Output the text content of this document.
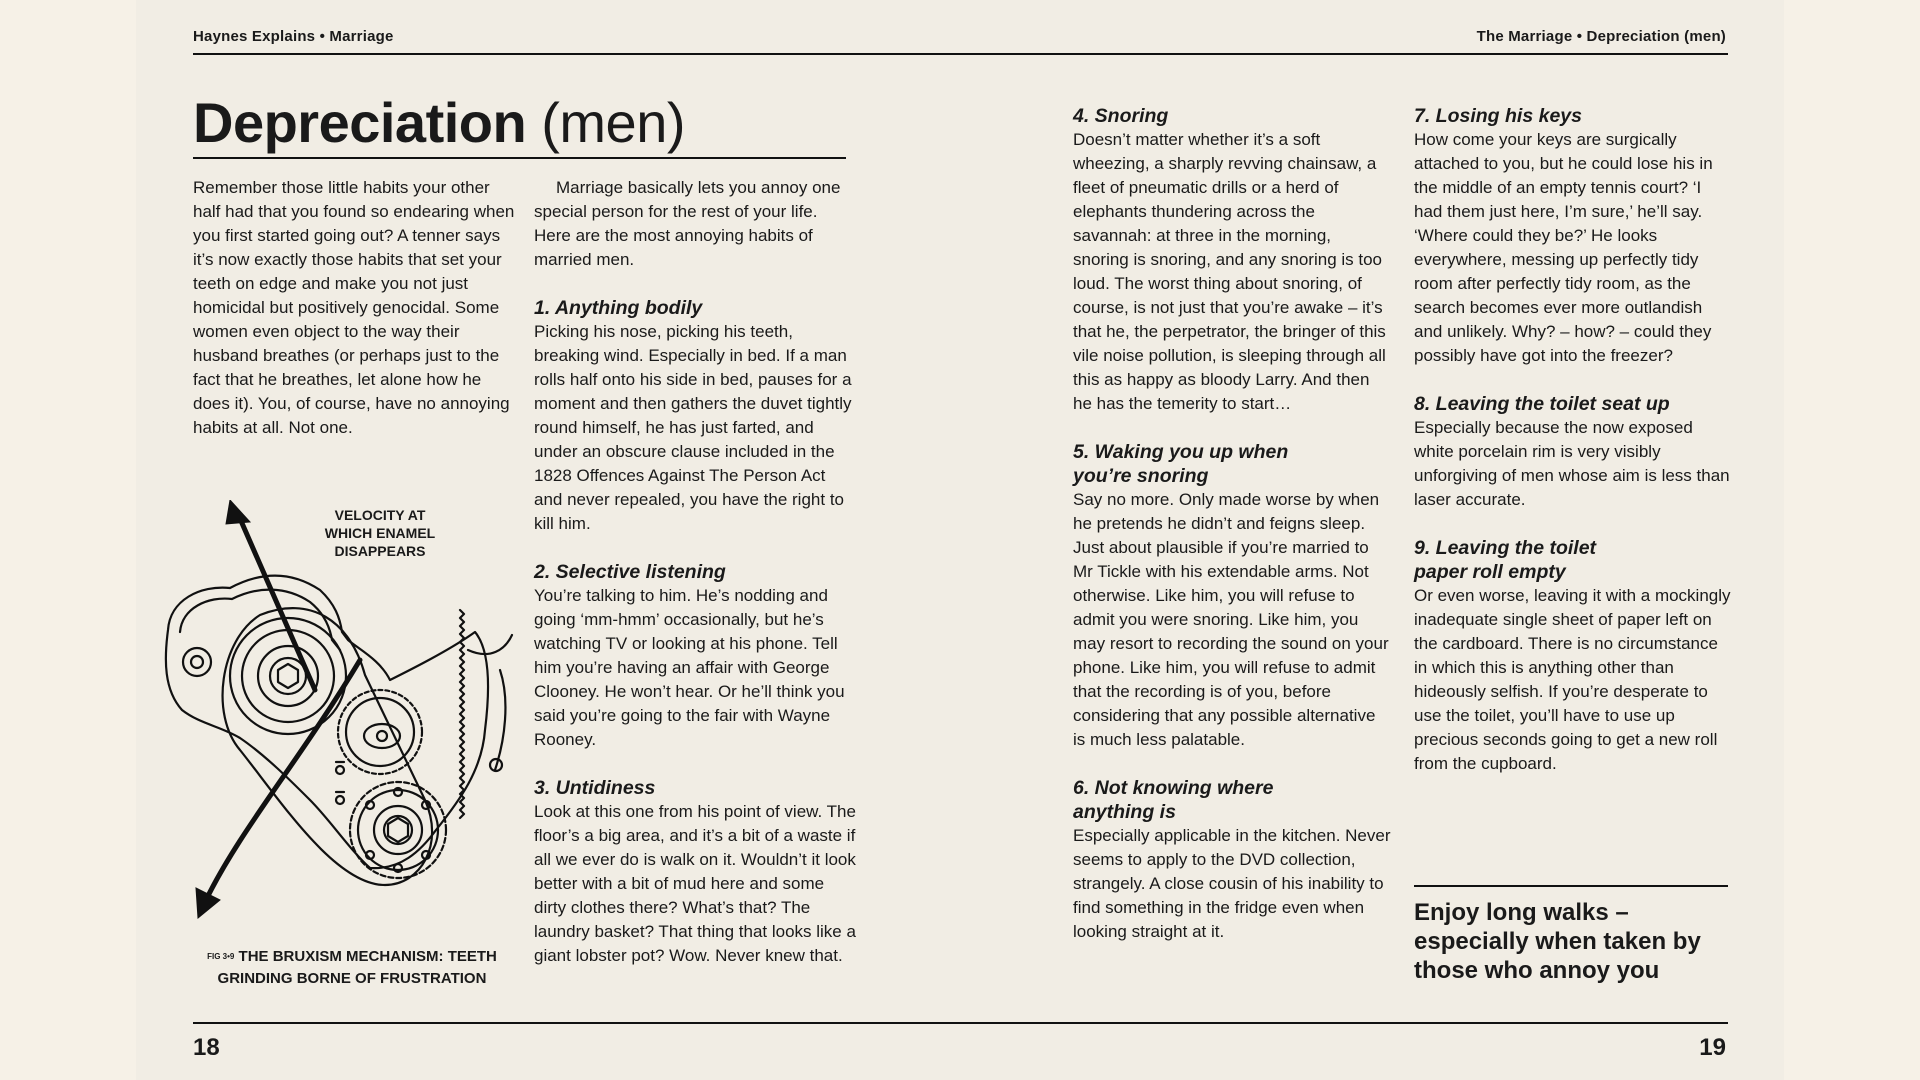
Haynes Explains • Marriage	The Marriage • Depreciation (men)
Depreciation (men)

Remember those little habits your other half had that you found so endearing when you first started going out? A tenner says it’s now exactly those habits that set your teeth on edge and make you not just homicidal but positively genocidal. Some women even object to the way their husband breathes (or perhaps just to the fact that he breathes, let alone how he does it). You, of course, have no annoying habits at all. Not one.

VELOCITY AT WHICH ENAMEL DISAPPEARS
$^{FIG 3•9}$ THE BRUXISM MECHANISM: TEETH GRINDING BORNE OF FRUSTRATION

Marriage basically lets you annoy one special person for the rest of your life. Here are the most annoying habits of married men.

1. Anything bodily

Picking his nose, picking his teeth, breaking wind. Especially in bed. If a man rolls half onto his side in bed, pauses for a moment and then gathers the duvet tightly round himself, he has just farted, and under an obscure clause included in the 1828 Offences Against The Person Act and never repealed, you have the right to kill him.

2. Selective listening

You’re talking to him. He’s nodding and going ‘mm-hmm’ occasionally, but he’s watching TV or looking at his phone. Tell him you’re having an affair with George Clooney. He won’t hear. Or he’ll think you said you’re going to the fair with Wayne Rooney.

3. Untidiness

Look at this one from his point of view. The floor’s a big area, and it’s a bit of a waste if all we ever do is walk on it. Wouldn’t it look better with a bit of mud here and some dirty clothes there? What’s that? The laundry basket? That thing that looks like a giant lobster pot? Wow. Never knew that.

4. Snoring

Doesn’t matter whether it’s a soft wheezing, a sharply revving chainsaw, a fleet of pneumatic drills or a herd of elephants thundering across the savannah: at three in the morning, snoring is snoring, and any snoring is too loud. The worst thing about snoring, of course, is not just that you’re awake – it’s that he, the perpetrator, the bringer of this vile noise pollution, is sleeping through all this as happy as bloody Larry. And then he has the temerity to start…

5. Waking you up when you’re snoring

Say no more. Only made worse by when he pretends he didn’t and feigns sleep. Just about plausible if you’re married to Mr Tickle with his extendable arms. Not otherwise. Like him, you will refuse to admit you were snoring. Like him, you may resort to recording the sound on your phone. Like him, you will refuse to admit that the recording is of you, before considering that any possible alternative is much less palatable.

6. Not knowing where anything is

Especially applicable in the kitchen. Never seems to apply to the DVD collection, strangely. A close cousin of his inability to find something in the fridge even when looking straight at it.

7. Losing his keys

How come your keys are surgically attached to you, but he could lose his in the middle of an empty tennis court? ‘I had them just here, I’m sure,’ he’ll say. ‘Where could they be?’ He looks everywhere, messing up perfectly tidy room after perfectly tidy room, as the search becomes ever more outlandish and unlikely. Why? – how? – could they possibly have got into the freezer?

8. Leaving the toilet seat up

Especially because the now exposed white porcelain rim is very visibly unforgiving of men whose aim is less than laser accurate.

9. Leaving the toilet paper roll empty

Or even worse, leaving it with a mockingly inadequate single sheet of paper left on the cardboard. There is no circumstance in which this is anything other than hideously selfish. If you’re desperate to use the toilet, you’ll have to use up precious seconds going to get a new roll from the cupboard.

Enjoy long walks – especially when taken by those who annoy you
18	19
